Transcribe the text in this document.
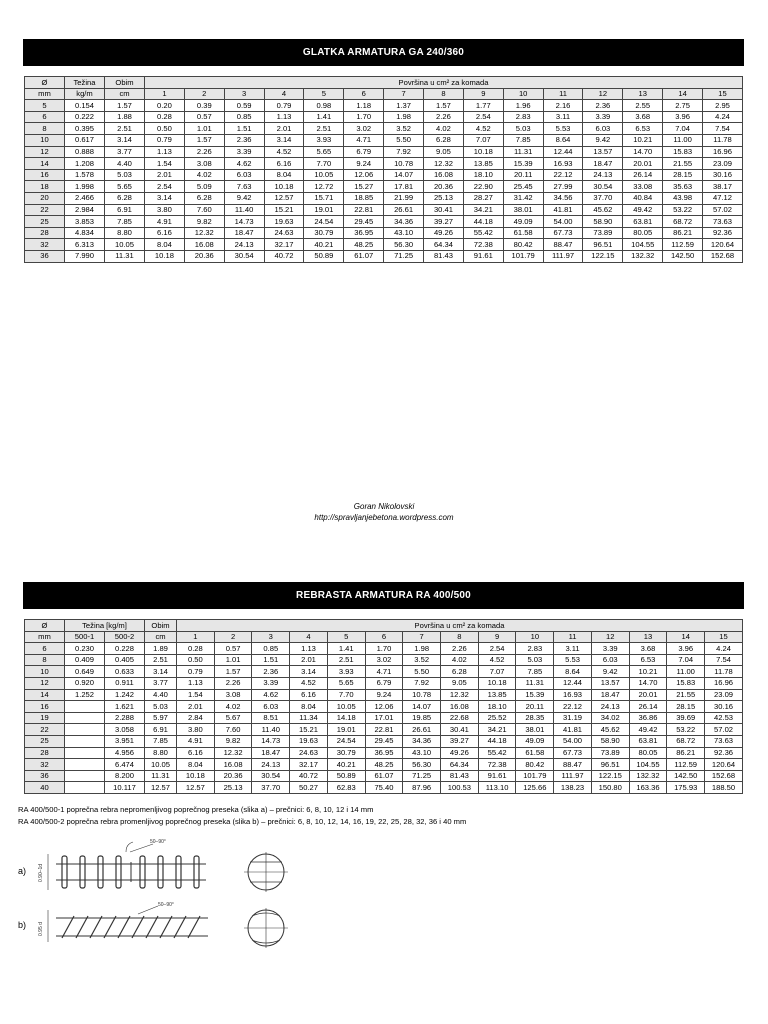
GLATKA ARMATURA GA 240/360
Ø	Težina	Obim	Površina u cm² za komada														
mm	kg/m	cm	1	2	3	4	5	6	7	8	9	10	11	12	13	14	15
5	0.154	1.57	0.20	0.39	0.59	0.79	0.98	1.18	1.37	1.57	1.77	1.96	2.16	2.36	2.55	2.75	2.95
6	0.222	1.88	0.28	0.57	0.85	1.13	1.41	1.70	1.98	2.26	2.54	2.83	3.11	3.39	3.68	3.96	4.24
8	0.395	2.51	0.50	1.01	1.51	2.01	2.51	3.02	3.52	4.02	4.52	5.03	5.53	6.03	6.53	7.04	7.54
10	0.617	3.14	0.79	1.57	2.36	3.14	3.93	4.71	5.50	6.28	7.07	7.85	8.64	9.42	10.21	11.00	11.78
12	0.888	3.77	1.13	2.26	3.39	4.52	5.65	6.79	7.92	9.05	10.18	11.31	12.44	13.57	14.70	15.83	16.96
14	1.208	4.40	1.54	3.08	4.62	6.16	7.70	9.24	10.78	12.32	13.85	15.39	16.93	18.47	20.01	21.55	23.09
16	1.578	5.03	2.01	4.02	6.03	8.04	10.05	12.06	14.07	16.08	18.10	20.11	22.12	24.13	26.14	28.15	30.16
18	1.998	5.65	2.54	5.09	7.63	10.18	12.72	15.27	17.81	20.36	22.90	25.45	27.99	30.54	33.08	35.63	38.17
20	2.466	6.28	3.14	6.28	9.42	12.57	15.71	18.85	21.99	25.13	28.27	31.42	34.56	37.70	40.84	43.98	47.12
22	2.984	6.91	3.80	7.60	11.40	15.21	19.01	22.81	26.61	30.41	34.21	38.01	41.81	45.62	49.42	53.22	57.02
25	3.853	7.85	4.91	9.82	14.73	19.63	24.54	29.45	34.36	39.27	44.18	49.09	54.00	58.90	63.81	68.72	73.63
28	4.834	8.80	6.16	12.32	18.47	24.63	30.79	36.95	43.10	49.26	55.42	61.58	67.73	73.89	80.05	86.21	92.36
32	6.313	10.05	8.04	16.08	24.13	32.17	40.21	48.25	56.30	64.34	72.38	80.42	88.47	96.51	104.55	112.59	120.64
36	7.990	11.31	10.18	20.36	30.54	40.72	50.89	61.07	71.25	81.43	91.61	101.79	111.97	122.15	132.32	142.50	152.68
Goran Nikolovski
http://spravljanjebetona.wordpress.com
REBRASTA ARMATURA RA 400/500
Ø	Težina [kg/m]		Obim	Površina u cm² za komada														
mm	500-1	500-2	cm	1	2	3	4	5	6	7	8	9	10	11	12	13	14	15
6	0.230	0.228	1.89	0.28	0.57	0.85	1.13	1.41	1.70	1.98	2.26	2.54	2.83	3.11	3.39	3.68	3.96	4.24
8	0.409	0.405	2.51	0.50	1.01	1.51	2.01	2.51	3.02	3.52	4.02	4.52	5.03	5.53	6.03	6.53	7.04	7.54
10	0.649	0.633	3.14	0.79	1.57	2.36	3.14	3.93	4.71	5.50	6.28	7.07	7.85	8.64	9.42	10.21	11.00	11.78
12	0.920	0.911	3.77	1.13	2.26	3.39	4.52	5.65	6.79	7.92	9.05	10.18	11.31	12.44	13.57	14.70	15.83	16.96
14	1.252	1.242	4.40	1.54	3.08	4.62	6.16	7.70	9.24	10.78	12.32	13.85	15.39	16.93	18.47	20.01	21.55	23.09
16		1.621	5.03	2.01	4.02	6.03	8.04	10.05	12.06	14.07	16.08	18.10	20.11	22.12	24.13	26.14	28.15	30.16
19		2.288	5.97	2.84	5.67	8.51	11.34	14.18	17.01	19.85	22.68	25.52	28.35	31.19	34.02	36.86	39.69	42.53
22		3.058	6.91	3.80	7.60	11.40	15.21	19.01	22.81	26.61	30.41	34.21	38.01	41.81	45.62	49.42	53.22	57.02
25		3.951	7.85	4.91	9.82	14.73	19.63	24.54	29.45	34.36	39.27	44.18	49.09	54.00	58.90	63.81	68.72	73.63
28		4.956	8.80	6.16	12.32	18.47	24.63	30.79	36.95	43.10	49.26	55.42	61.58	67.73	73.89	80.05	86.21	92.36
32		6.474	10.05	8.04	16.08	24.13	32.17	40.21	48.25	56.30	64.34	72.38	80.42	88.47	96.51	104.55	112.59	120.64
36		8.200	11.31	10.18	20.36	30.54	40.72	50.89	61.07	71.25	81.43	91.61	101.79	111.97	122.15	132.32	142.50	152.68
40		10.117	12.57	12.57	25.13	37.70	50.27	62.83	75.40	87.96	100.53	113.10	125.66	138.23	150.80	163.36	175.93	188.50
RA 400/500-1 poprečna rebra nepromenljivog poprečnog preseka (slika a) – prečnici: 6, 8, 10, 12 i 14 mm
RA 400/500-2 poprečna rebra promenljivog poprečnog preseka (slika b) – prečnici: 6, 8, 10, 12, 14, 16, 19, 22, 25, 28, 32, 36 i 40 mm
a) 0.90–1d
50–90°
b) 0.95 d
50–90°
